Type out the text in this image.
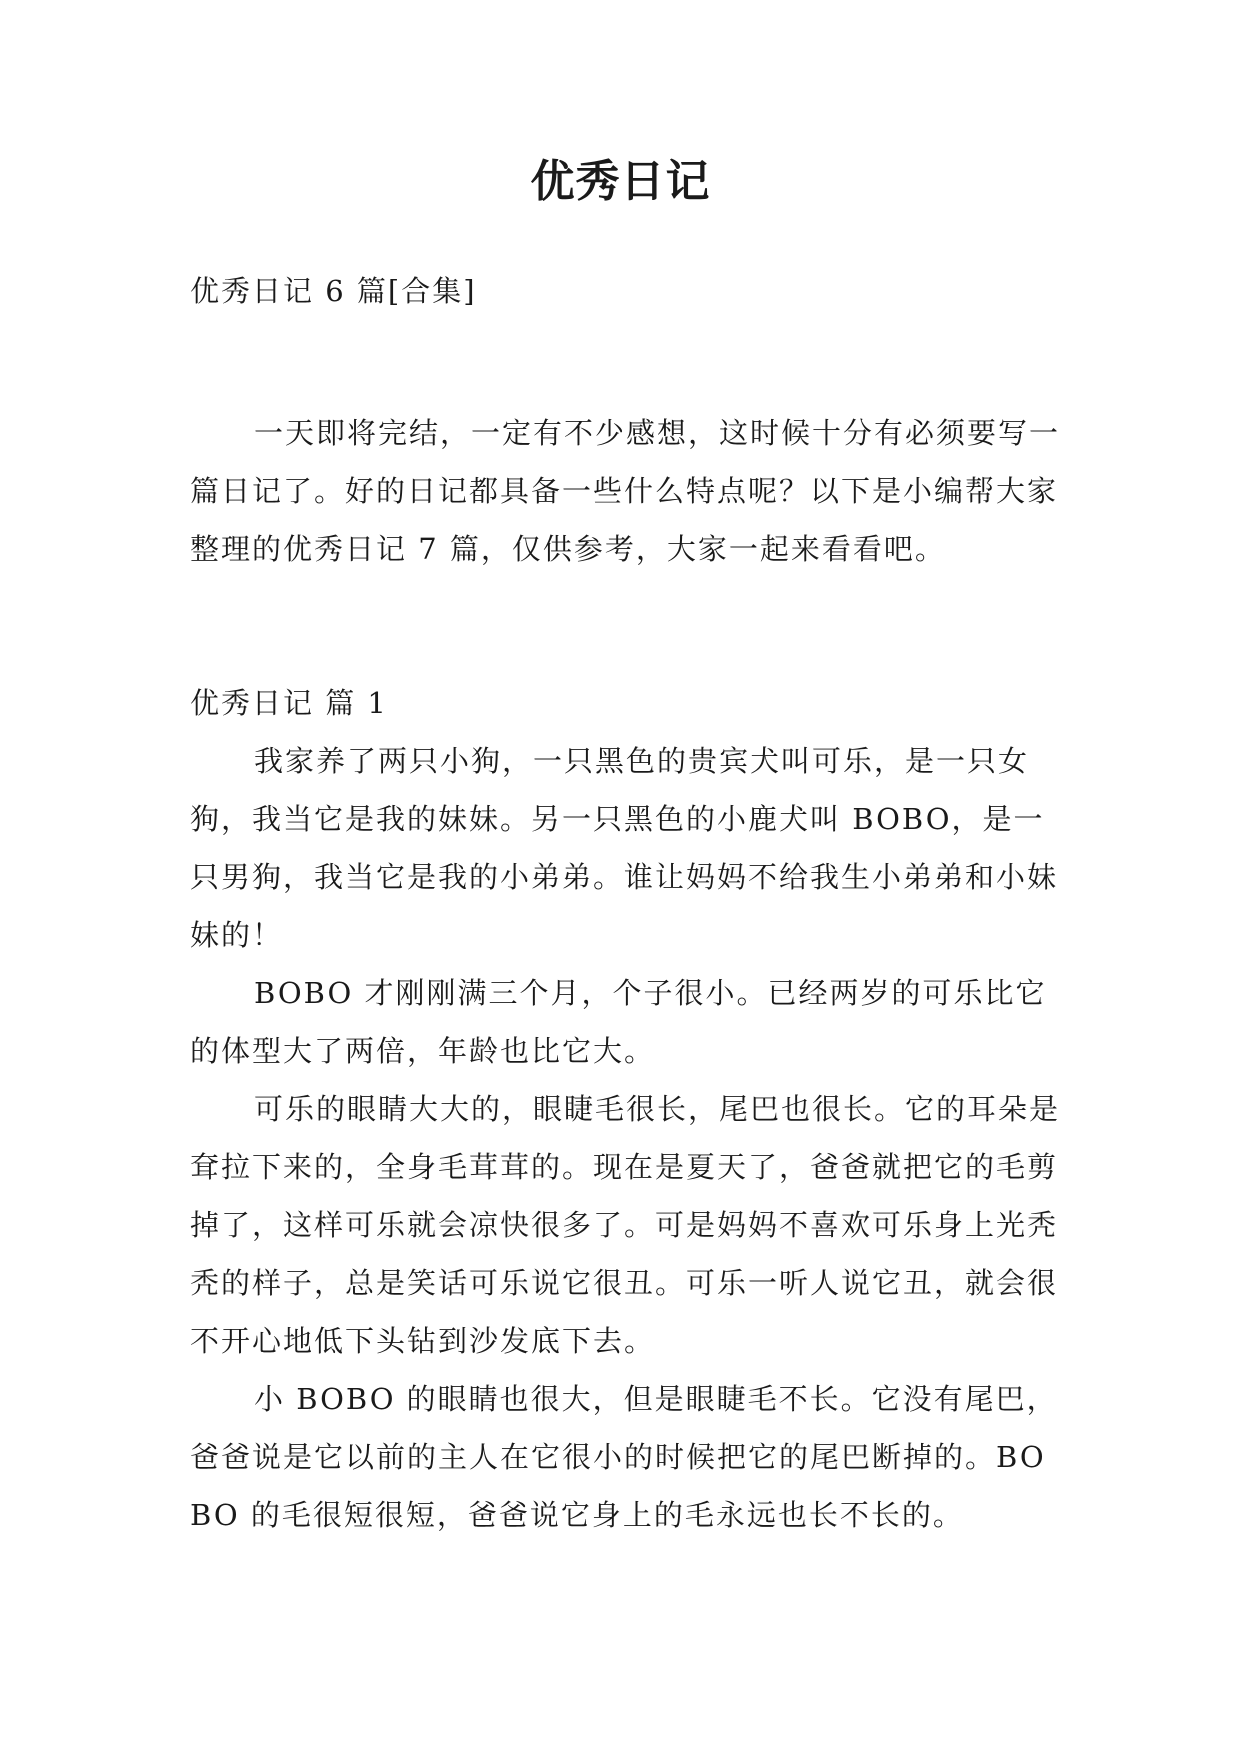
优秀日记

优秀日记 6 篇[合集]

一天即将完结，一定有不少感想，这时候十分有必须要写一篇日记了。好的日记都具备一些什么特点呢？以下是小编帮大家整理的优秀日记 7 篇，仅供参考，大家一起来看看吧。

优秀日记 篇 1

我家养了两只小狗，一只黑色的贵宾犬叫可乐，是一只女狗，我当它是我的妹妹。另一只黑色的小鹿犬叫 BOBO，是一只男狗，我当它是我的小弟弟。谁让妈妈不给我生小弟弟和小妹妹的！

BOBO 才刚刚满三个月，个子很小。已经两岁的可乐比它的体型大了两倍，年龄也比它大。

可乐的眼睛大大的，眼睫毛很长，尾巴也很长。它的耳朵是耷拉下来的，全身毛茸茸的。现在是夏天了，爸爸就把它的毛剪掉了，这样可乐就会凉快很多了。可是妈妈不喜欢可乐身上光秃秃的样子，总是笑话可乐说它很丑。可乐一听人说它丑，就会很不开心地低下头钻到沙发底下去。

小 BOBO 的眼睛也很大，但是眼睫毛不长。它没有尾巴，爸爸说是它以前的主人在它很小的时候把它的尾巴断掉的。BOBO 的毛很短很短，爸爸说它身上的毛永远也长不长的。
